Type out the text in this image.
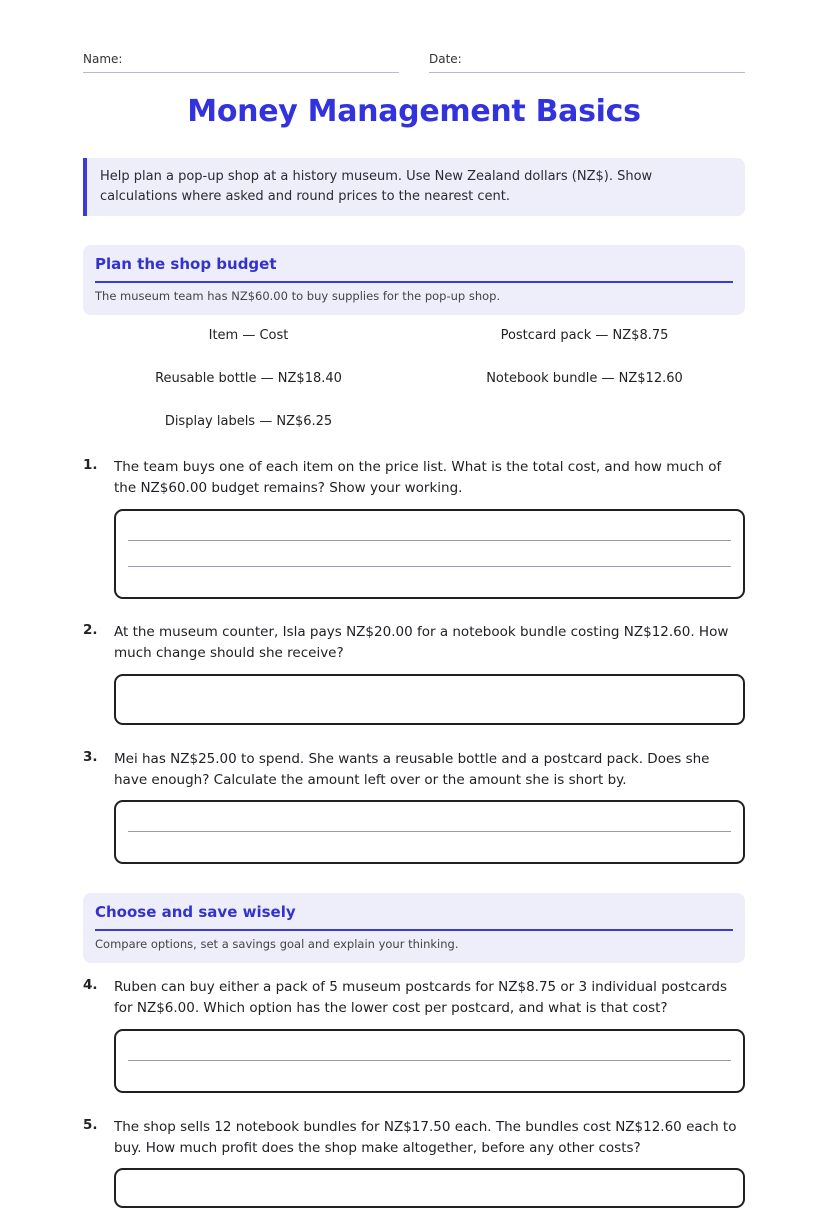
Name:	Date:
Money Management Basics
Help plan a pop-up shop at a history museum. Use New Zealand dollars (NZ$). Show calculations where asked and round prices to the nearest cent.
Plan the shop budget
The museum team has NZ$60.00 to buy supplies for the pop-up shop.
Item — Cost	Postcard pack — NZ$8.75
Reusable bottle — NZ$18.40	Notebook bundle — NZ$12.60
Display labels — NZ$6.25
1. The team buys one of each item on the price list. What is the total cost, and how much of the NZ$60.00 budget remains? Show your working.
2. At the museum counter, Isla pays NZ$20.00 for a notebook bundle costing NZ$12.60. How much change should she receive?
3. Mei has NZ$25.00 to spend. She wants a reusable bottle and a postcard pack. Does she have enough? Calculate the amount left over or the amount she is short by.
Choose and save wisely
Compare options, set a savings goal and explain your thinking.
4. Ruben can buy either a pack of 5 museum postcards for NZ$8.75 or 3 individual postcards for NZ$6.00. Which option has the lower cost per postcard, and what is that cost?
5. The shop sells 12 notebook bundles for NZ$17.50 each. The bundles cost NZ$12.60 each to buy. How much profit does the shop make altogether, before any other costs?
